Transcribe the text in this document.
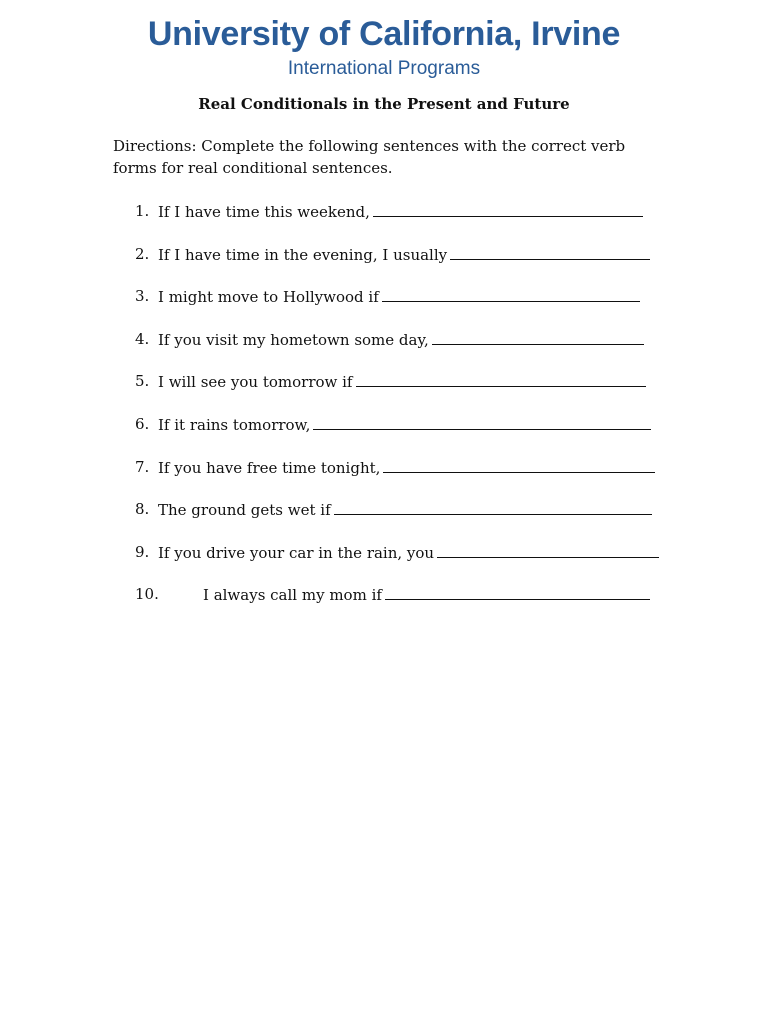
University of California, Irvine
International Programs
Real Conditionals in the Present and Future
Directions: Complete the following sentences with the correct verb forms for real conditional sentences.
1. If I have time this weekend,
2. If I have time in the evening, I usually
3. I might move to Hollywood if
4. If you visit my hometown some day,
5. I will see you tomorrow if
6. If it rains tomorrow,
7. If you have free time tonight,
8. The ground gets wet if
9. If you drive your car in the rain, you
10.	I always call my mom if
